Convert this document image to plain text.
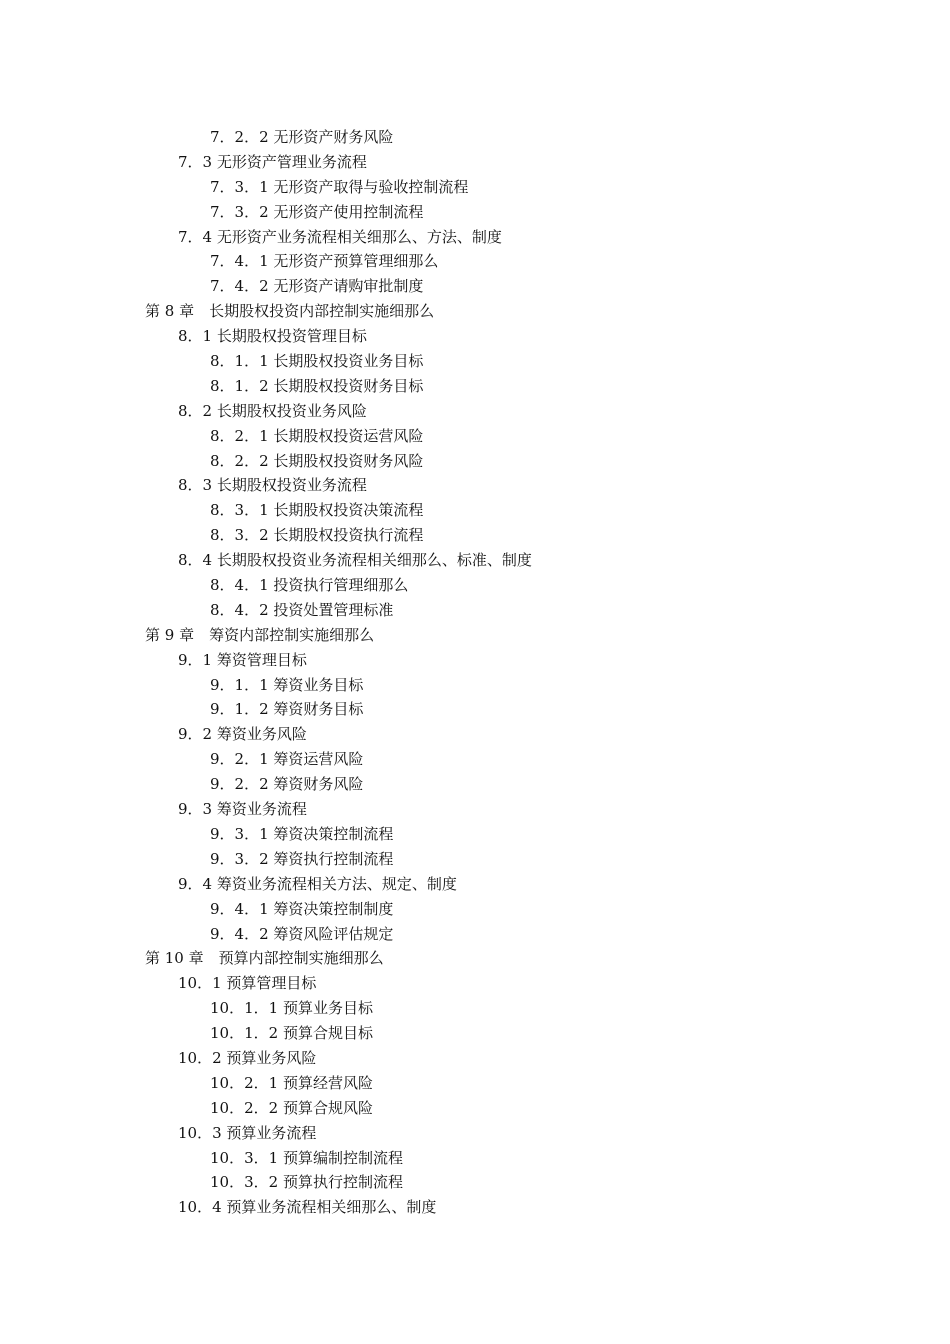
7．2．2 无形资产财务风险
7．3 无形资产管理业务流程
7．3．1 无形资产取得与验收控制流程
7．3．2 无形资产使用控制流程
7．4 无形资产业务流程相关细那么、方法、制度
7．4．1 无形资产预算管理细那么
7．4．2 无形资产请购审批制度
第 8 章　长期股权投资内部控制实施细那么
8．1 长期股权投资管理目标
8．1．1 长期股权投资业务目标
8．1．2 长期股权投资财务目标
8．2 长期股权投资业务风险
8．2．1 长期股权投资运营风险
8．2．2 长期股权投资财务风险
8．3 长期股权投资业务流程
8．3．1 长期股权投资决策流程
8．3．2 长期股权投资执行流程
8．4 长期股权投资业务流程相关细那么、标准、制度
8．4．1 投资执行管理细那么
8．4．2 投资处置管理标准
第 9 章　筹资内部控制实施细那么
9．1 筹资管理目标
9．1．1 筹资业务目标
9．1．2 筹资财务目标
9．2 筹资业务风险
9．2．1 筹资运营风险
9．2．2 筹资财务风险
9．3 筹资业务流程
9．3．1 筹资决策控制流程
9．3．2 筹资执行控制流程
9．4 筹资业务流程相关方法、规定、制度
9．4．1 筹资决策控制制度
9．4．2 筹资风险评估规定
第 10 章　预算内部控制实施细那么
10．1 预算管理目标
10．1．1 预算业务目标
10．1．2 预算合规目标
10．2 预算业务风险
10．2．1 预算经营风险
10．2．2 预算合规风险
10．3 预算业务流程
10．3．1 预算编制控制流程
10．3．2 预算执行控制流程
10．4 预算业务流程相关细那么、制度
